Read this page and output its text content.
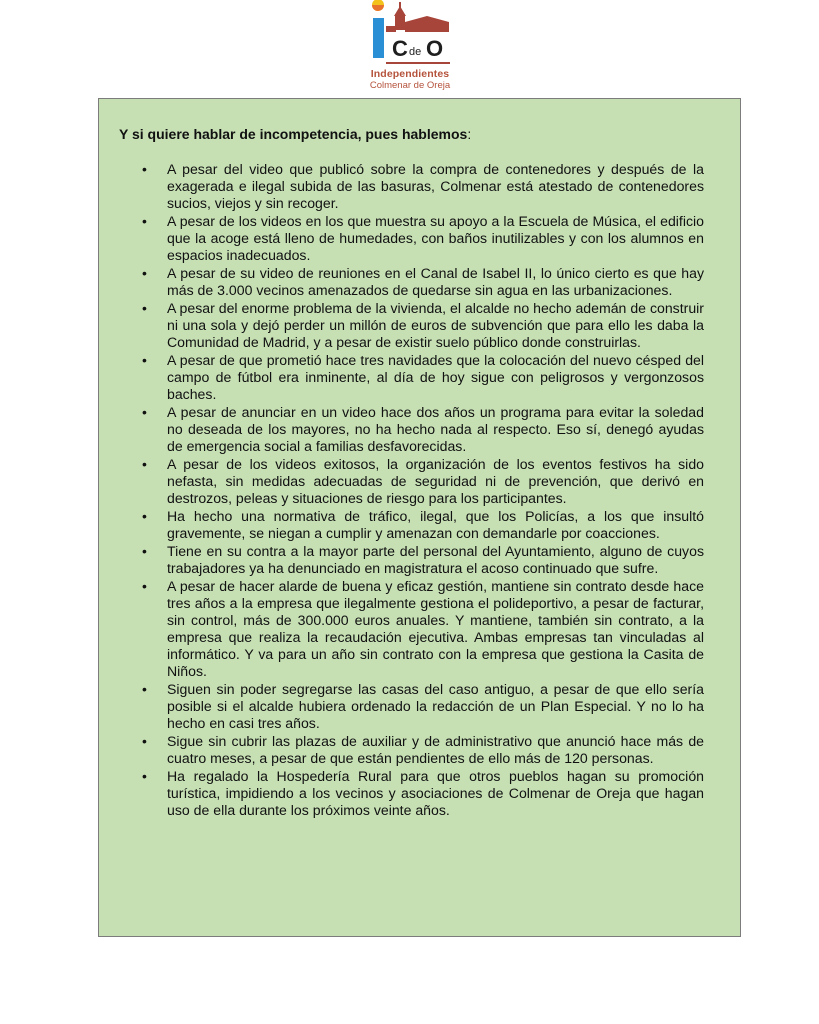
C de O
Independientes
Colmenar de Oreja

Y si quiere hablar de incompetencia, pues hablemos:

• A pesar del video que publicó sobre la compra de contenedores y después de la exagerada e ilegal subida de las basuras, Colmenar está atestado de contenedores sucios, viejos y sin recoger.
• A pesar de los videos en los que muestra su apoyo a la Escuela de Música, el edificio que la acoge está lleno de humedades, con baños inutilizables y con los alumnos en espacios inadecuados.
• A pesar de su video de reuniones en el Canal de Isabel II, lo único cierto es que hay más de 3.000 vecinos amenazados de quedarse sin agua en las urbanizaciones.
• A pesar del enorme problema de la vivienda, el alcalde no hecho ademán de construir ni una sola y dejó perder un millón de euros de subvención que para ello les daba la Comunidad de Madrid, y a pesar de existir suelo público donde construirlas.
• A pesar de que prometió hace tres navidades que la colocación del nuevo césped del campo de fútbol era inminente, al día de hoy sigue con peligrosos y vergonzosos baches.
• A pesar de anunciar en un video hace dos años un programa para evitar la soledad no deseada de los mayores, no ha hecho nada al respecto. Eso sí, denegó ayudas de emergencia social a familias desfavorecidas.
• A pesar de los videos exitosos, la organización de los eventos festivos ha sido nefasta, sin medidas adecuadas de seguridad ni de prevención, que derivó en destrozos, peleas y situaciones de riesgo para los participantes.
• Ha hecho una normativa de tráfico, ilegal, que los Policías, a los que insultó gravemente, se niegan a cumplir y amenazan con demandarle por coacciones.
• Tiene en su contra a la mayor parte del personal del Ayuntamiento, alguno de cuyos trabajadores ya ha denunciado en magistratura el acoso continuado que sufre.
• A pesar de hacer alarde de buena y eficaz gestión, mantiene sin contrato desde hace tres años a la empresa que ilegalmente gestiona el polideportivo, a pesar de facturar, sin control, más de 300.000 euros anuales. Y mantiene, también sin contrato, a la empresa que realiza la recaudación ejecutiva. Ambas empresas tan vinculadas al informático. Y va para un año sin contrato con la empresa que gestiona la Casita de Niños.
• Siguen sin poder segregarse las casas del caso antiguo, a pesar de que ello sería posible si el alcalde hubiera ordenado la redacción de un Plan Especial. Y no lo ha hecho en casi tres años.
• Sigue sin cubrir las plazas de auxiliar y de administrativo que anunció hace más de cuatro meses, a pesar de que están pendientes de ello más de 120 personas.
• Ha regalado la Hospedería Rural para que otros pueblos hagan su promoción turística, impidiendo a los vecinos y asociaciones de Colmenar de Oreja que hagan uso de ella durante los próximos veinte años.
